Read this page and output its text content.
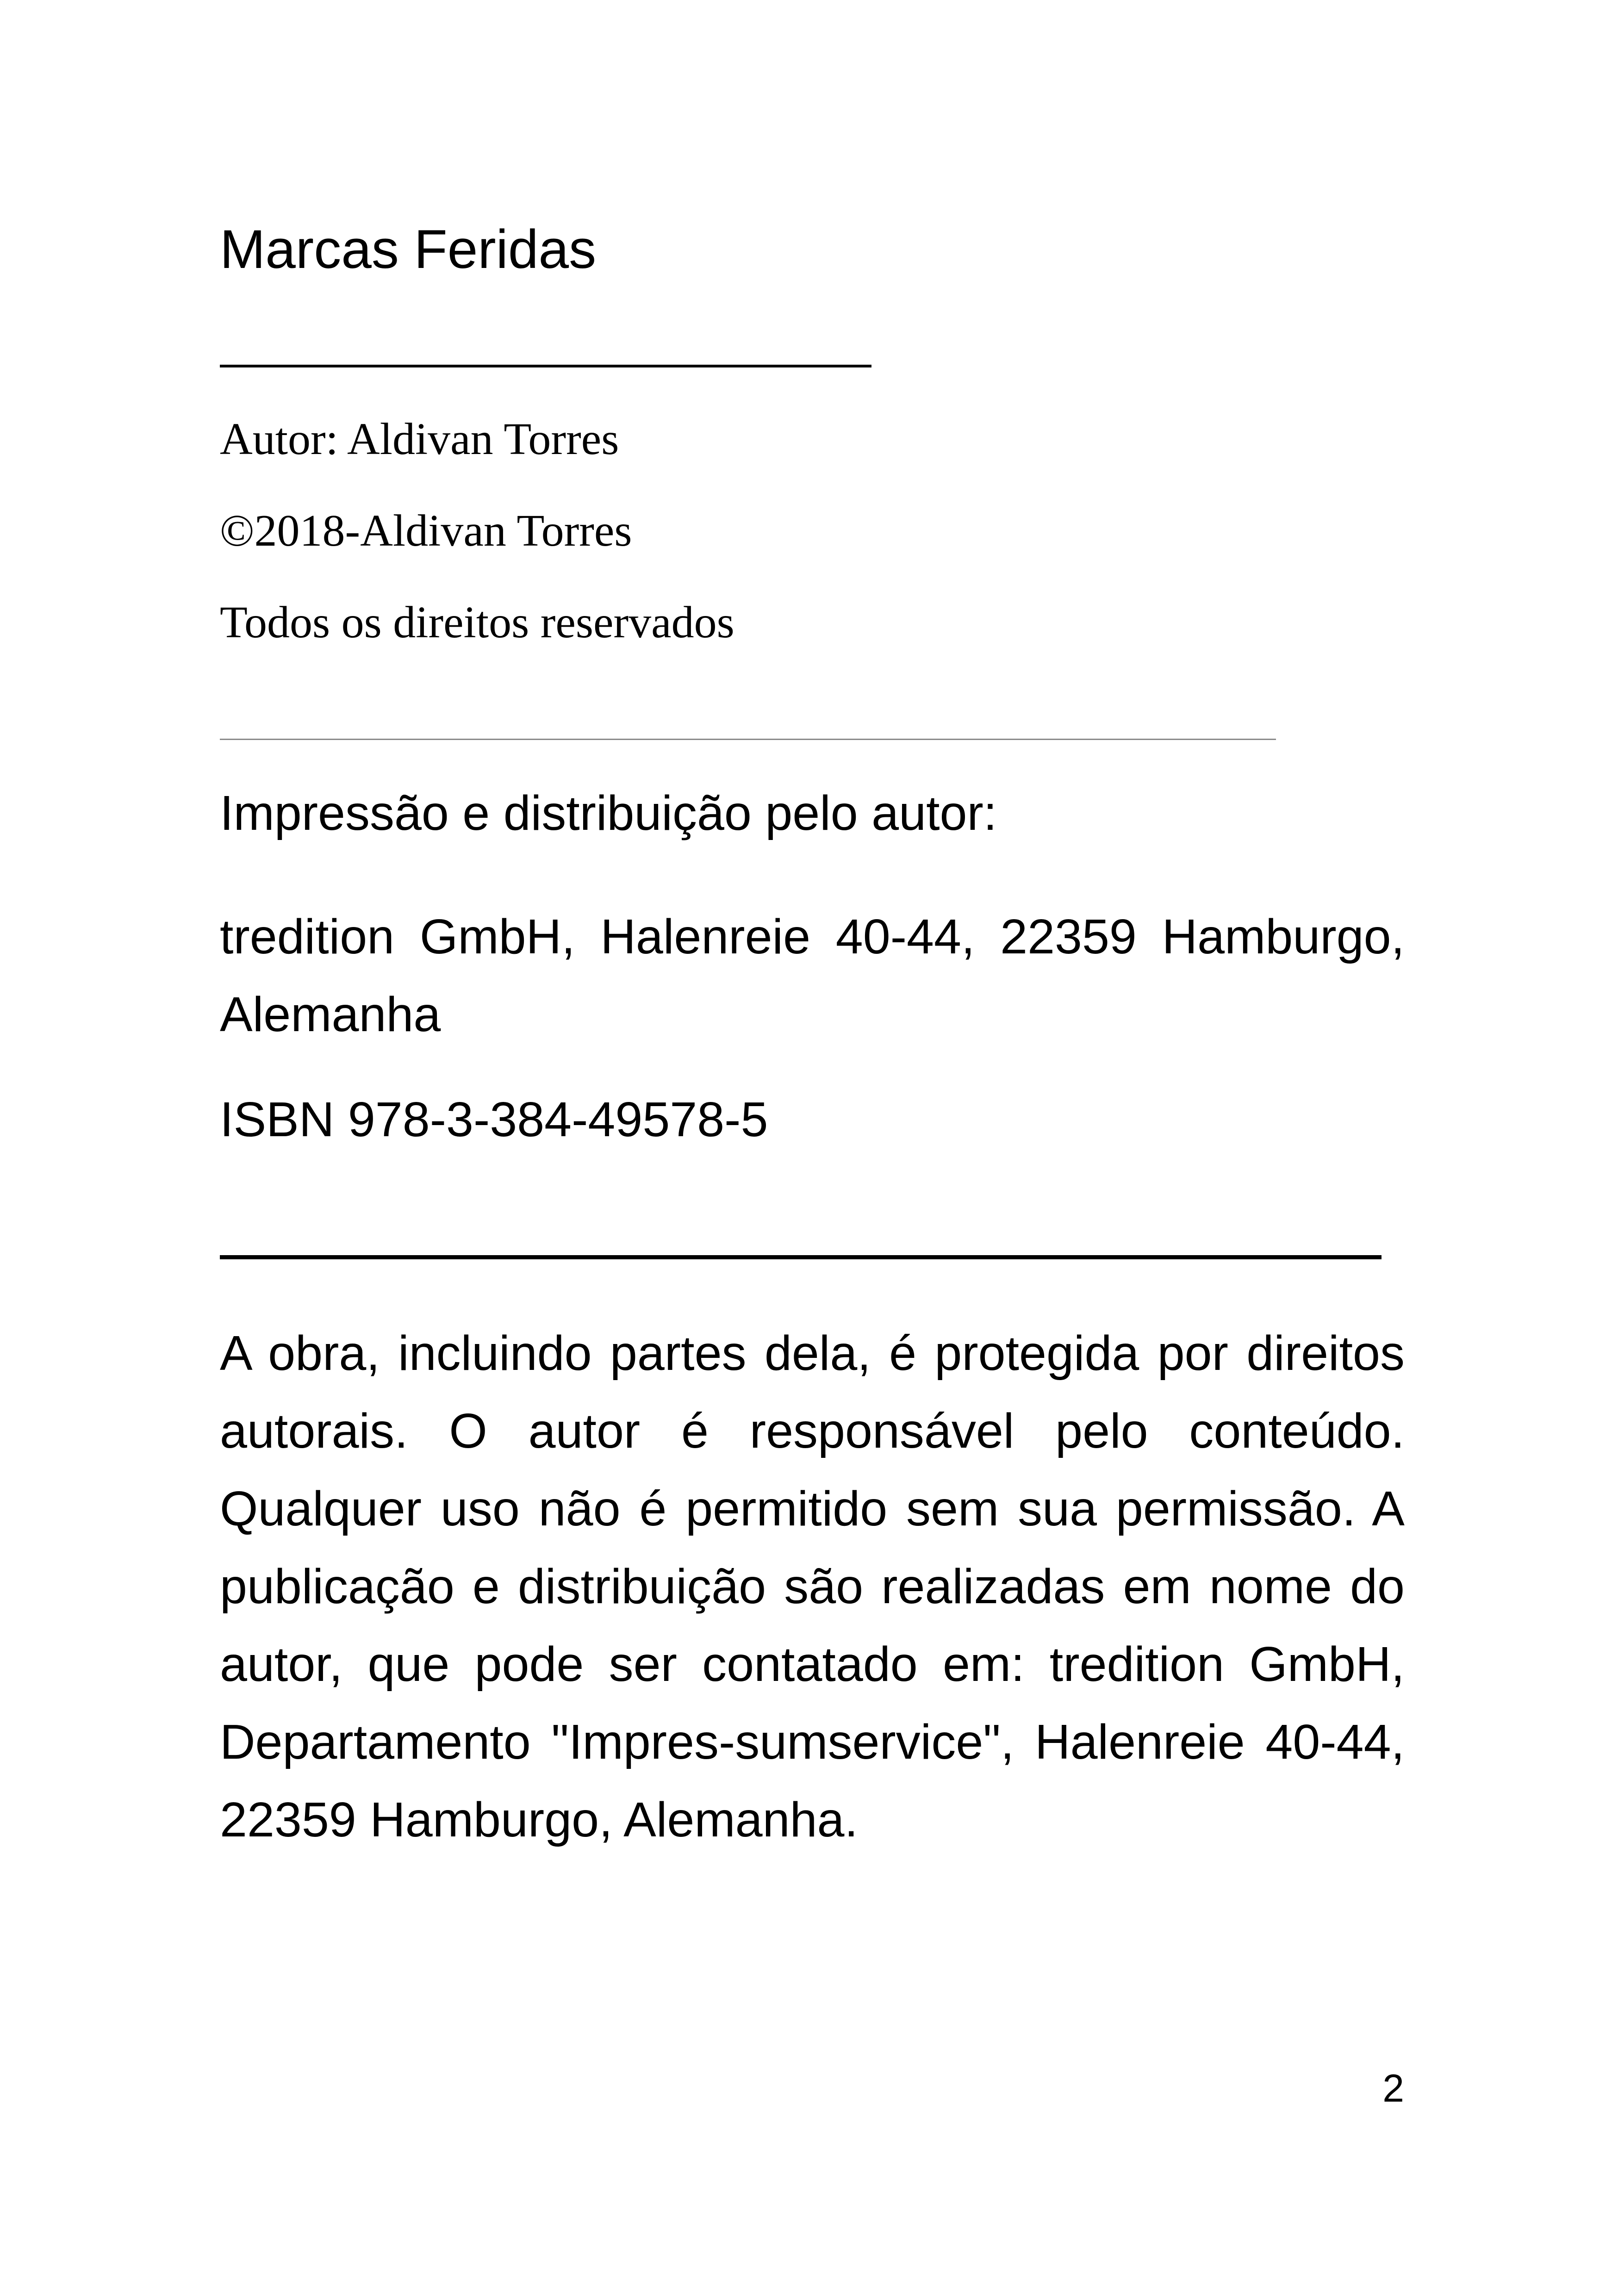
Marcas Feridas
Autor: Aldivan Torres
©2018-Aldivan Torres
Todos os direitos reservados
Impressão e distribuição pelo autor:
tredition GmbH, Halenreie 40-44, 22359 Hamburgo, Alemanha
ISBN 978-3-384-49578-5
A obra, incluindo partes dela, é protegida por direitos autorais. O autor é responsável pelo conteúdo. Qualquer uso não é permitido sem sua permissão. A publicação e distribuição são realizadas em nome do autor, que pode ser contatado em: tredition GmbH, Departamento "Impres-sumservice", Halenreie 40-44, 22359 Hamburgo, Alemanha.
2
